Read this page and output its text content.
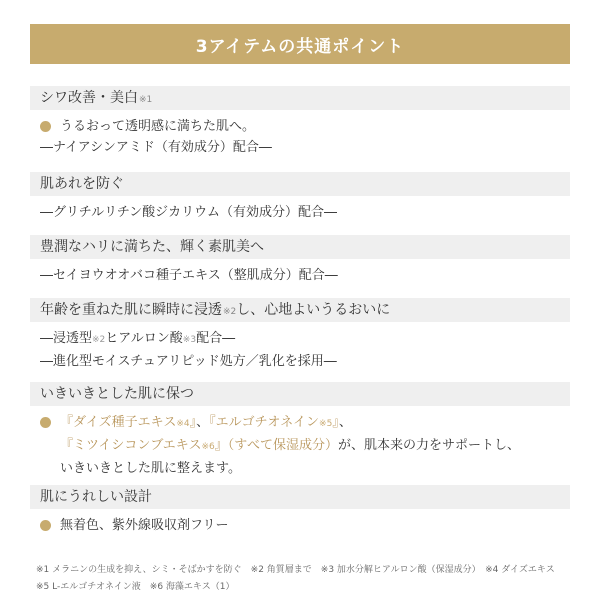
3アイテムの共通ポイント
シワ改善・美白※1
うるおって透明感に満ちた肌へ。
―ナイアシンアミド（有効成分）配合―
肌あれを防ぐ
―グリチルリチン酸ジカリウム（有効成分）配合―
豊潤なハリに満ちた、輝く素肌美へ
―セイヨウオオバコ種子エキス（整肌成分）配合―
年齢を重ねた肌に瞬時に浸透※2し、心地よいうるおいに
―浸透型※2ヒアルロン酸※3配合―
―進化型モイスチュアリピッド処方／乳化を採用―
いきいきとした肌に保つ
『ダイズ種子エキス※4』、『エルゴチオネイン※5』、
『ミツイシコンブエキス※6』（すべて保湿成分）が、肌本来の力をサポートし、
いきいきとした肌に整えます。
肌にうれしい設計
無着色、紫外線吸収剤フリー
※1 メラニンの生成を抑え、シミ・そばかすを防ぐ　※2 角質層まで　※3 加水分解ヒアルロン酸（保湿成分）　※4 ダイズエキス
※5 L-エルゴチオネイン液　※6 海藻エキス（1）
